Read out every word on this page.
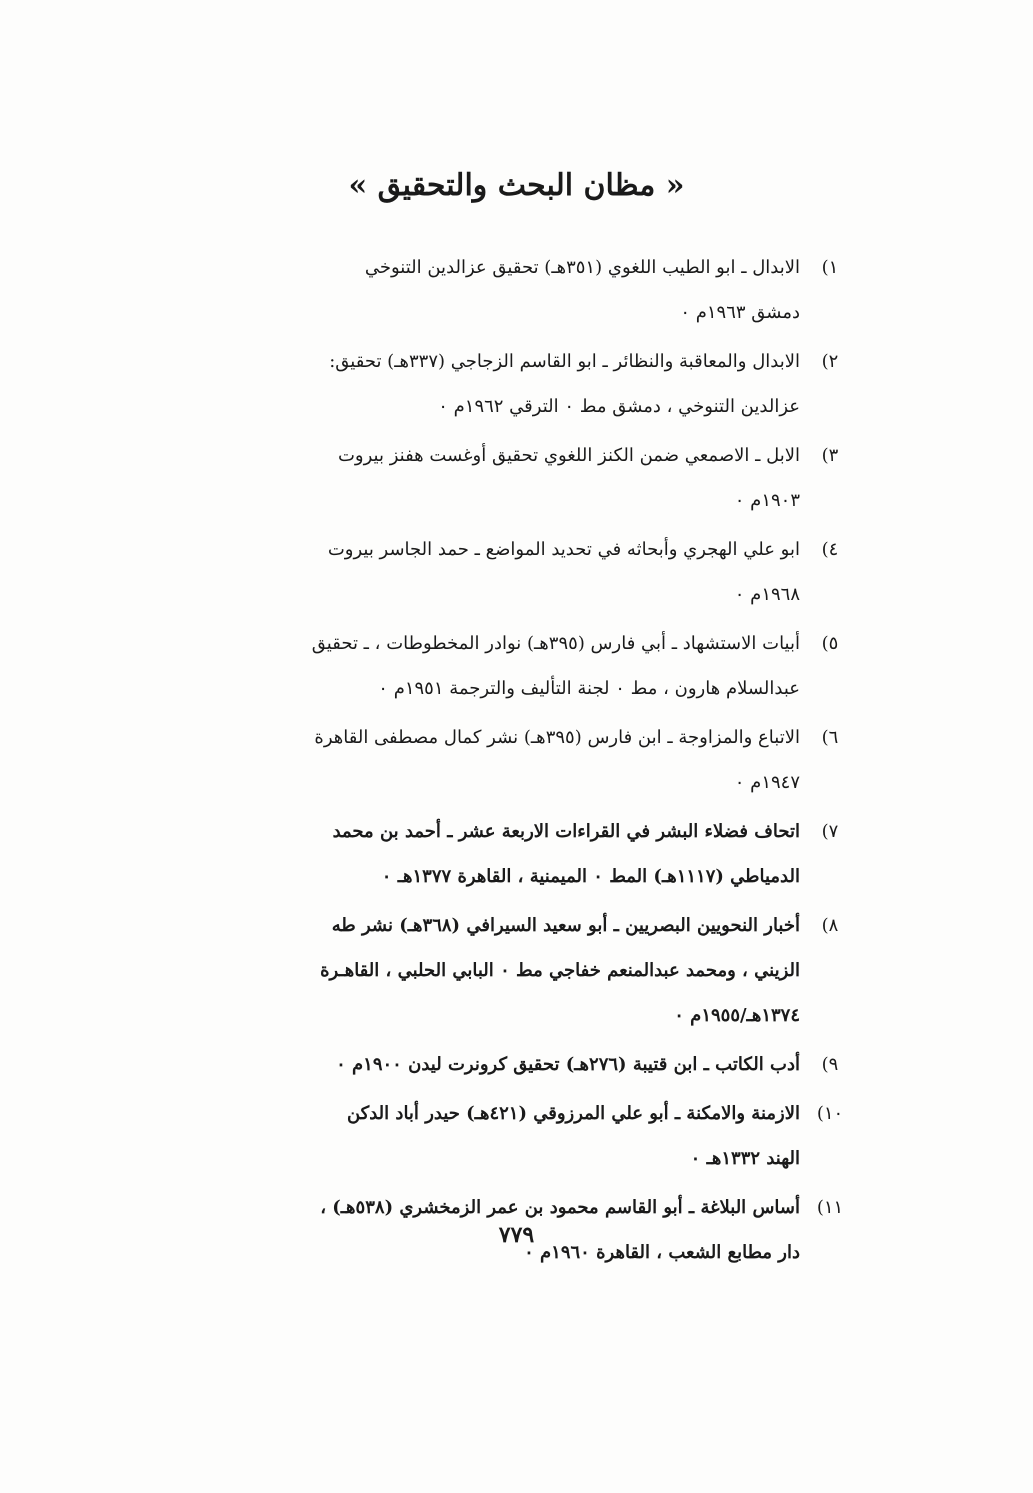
« مظان البحث والتحقيق »
١)
الابدال ـ ابو الطيب اللغوي (٣٥١هـ) تحقيق عزالدين التنوخي
دمشق ١٩٦٣م ٠
٢)
الابدال والمعاقبة والنظائر ـ ابو القاسم الزجاجي (٣٣٧هـ) تحقيق:
عزالدين التنوخي ، دمشق مط ٠ الترقي ١٩٦٢م ٠
٣)
الابل ـ الاصمعي ضمن الكنز اللغوي تحقيق أوغست هفنز بيروت
١٩٠٣م ٠
٤)
ابو علي الهجري وأبحاثه في تحديد المواضع ـ حمد الجاسر بيروت
١٩٦٨م ٠
٥)
أبيات الاستشهاد ـ أبي فارس (٣٩٥هـ) نوادر المخطوطات ، ـ تحقيق
عبدالسلام هارون ، مط ٠ لجنة التأليف والترجمة ١٩٥١م ٠
٦)
الاتباع والمزاوجة ـ ابن فارس (٣٩٥هـ) نشر كمال مصطفى القاهرة
١٩٤٧م ٠
٧)
اتحاف فضلاء البشر في القراءات الاربعة عشر ـ أحمد بن محمد
الدمياطي (١١١٧هـ) المط ٠ الميمنية ، القاهرة ١٣٧٧هـ ٠
٨)
أخبار النحويين البصريين ـ أبو سعيد السيرافي (٣٦٨هـ) نشر طه
الزيني ، ومحمد عبدالمنعم خفاجي مط ٠ البابي الحلبي ، القاهـرة
١٣٧٤هـ/١٩٥٥م ٠
٩)
أدب الكاتب ـ ابن قتيبة (٢٧٦هـ) تحقيق كرونرت ليدن ١٩٠٠م ٠
١٠)
الازمنة والامكنة ـ أبو علي المرزوقي (٤٢١هـ) حيدر أباد الدكن
الهند ١٣٣٢هـ ٠
١١)
أساس البلاغة ـ أبو القاسم محمود بن عمر الزمخشري (٥٣٨هـ) ،
دار مطابع الشعب ، القاهرة ١٩٦٠م ٠
٧٧٩
